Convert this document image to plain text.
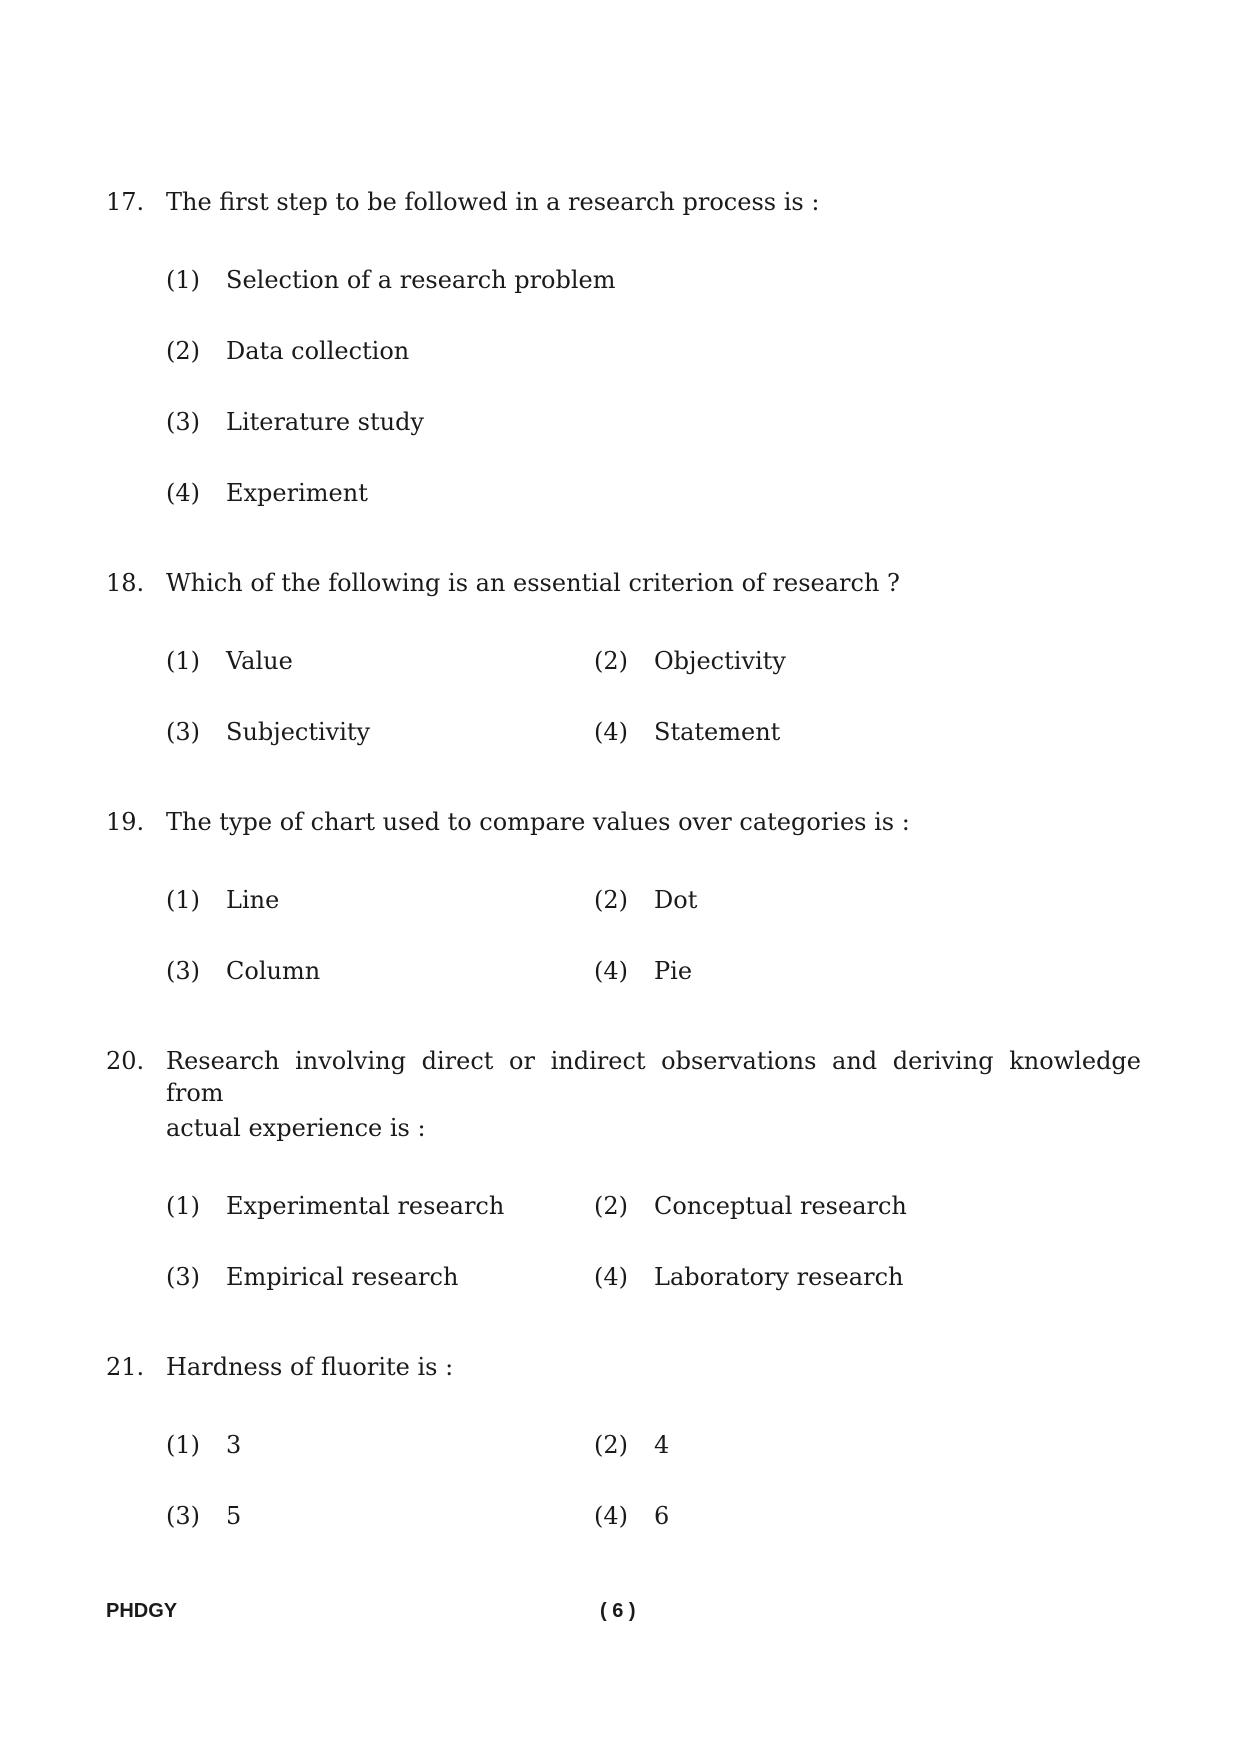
17. The first step to be followed in a research process is :
(1) Selection of a research problem
(2) Data collection
(3) Literature study
(4) Experiment
18. Which of the following is an essential criterion of research ?
(1) Value	(2) Objectivity
(3) Subjectivity	(4) Statement
19. The type of chart used to compare values over categories is :
(1) Line	(2) Dot
(3) Column	(4) Pie
20. Research involving direct or indirect observations and deriving knowledge from
actual experience is :
(1) Experimental research	(2) Conceptual research
(3) Empirical research	(4) Laboratory research
21. Hardness of fluorite is :
(1) 3	(2) 4
(3) 5	(4) 6
PHDGY	( 6 )
